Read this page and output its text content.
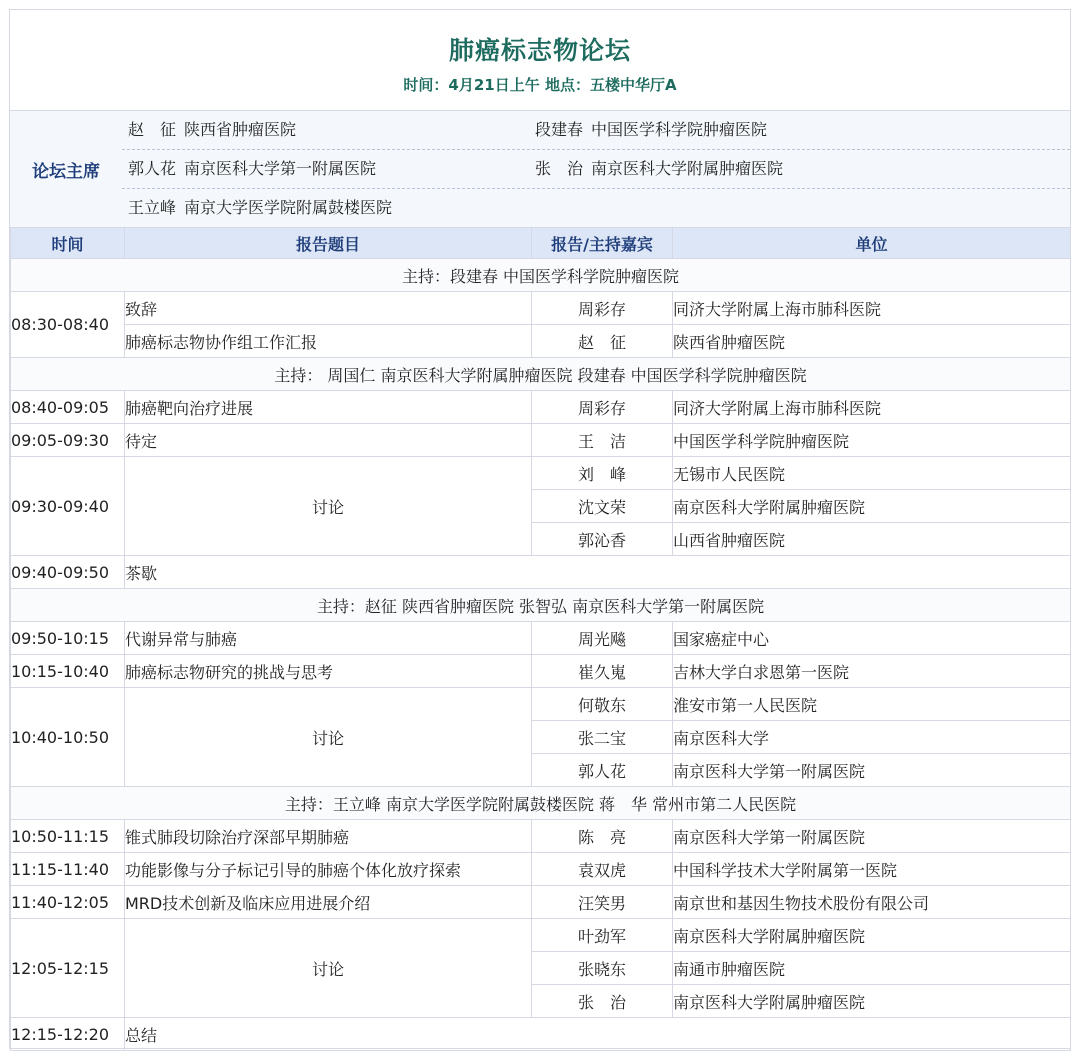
肺癌标志物论坛
时间：4月21日上午 地点：五楼中华厅A
论坛主席
赵　征 陕西省肿瘤医院	段建春 中国医学科学院肿瘤医院
郭人花 南京医科大学第一附属医院	张　治 南京医科大学附属肿瘤医院
王立峰 南京大学医学院附属鼓楼医院
时间	报告题目	报告/主持嘉宾	单位
主持：段建春 中国医学科学院肿瘤医院			
08:30-08:40	致辞	周彩存	同济大学附属上海市肺科医院
	肺癌标志物协作组工作汇报	赵　征	陕西省肿瘤医院
主持： 周国仁 南京医科大学附属肿瘤医院 段建春 中国医学科学院肿瘤医院			
08:40-09:05	肺癌靶向治疗进展	周彩存	同济大学附属上海市肺科医院
09:05-09:30	待定	王　洁	中国医学科学院肿瘤医院
09:30-09:40	讨论	刘　峰	无锡市人民医院
		沈文荣	南京医科大学附属肿瘤医院
		郭沁香	山西省肿瘤医院
09:40-09:50	茶歇		
主持：赵征 陕西省肿瘤医院 张智弘 南京医科大学第一附属医院			
09:50-10:15	代谢异常与肺癌	周光飚	国家癌症中心
10:15-10:40	肺癌标志物研究的挑战与思考	崔久嵬	吉林大学白求恩第一医院
10:40-10:50	讨论	何敬东	淮安市第一人民医院
		张二宝	南京医科大学
		郭人花	南京医科大学第一附属医院
主持：王立峰 南京大学医学院附属鼓楼医院 蒋　华 常州市第二人民医院			
10:50-11:15	锥式肺段切除治疗深部早期肺癌	陈　亮	南京医科大学第一附属医院
11:15-11:40	功能影像与分子标记引导的肺癌个体化放疗探索	袁双虎	中国科学技术大学附属第一医院
11:40-12:05	MRD技术创新及临床应用进展介绍	汪笑男	南京世和基因生物技术股份有限公司
12:05-12:15	讨论	叶劲军	南京医科大学附属肿瘤医院
		张晓东	南通市肿瘤医院
		张　治	南京医科大学附属肿瘤医院
12:15-12:20	总结		
